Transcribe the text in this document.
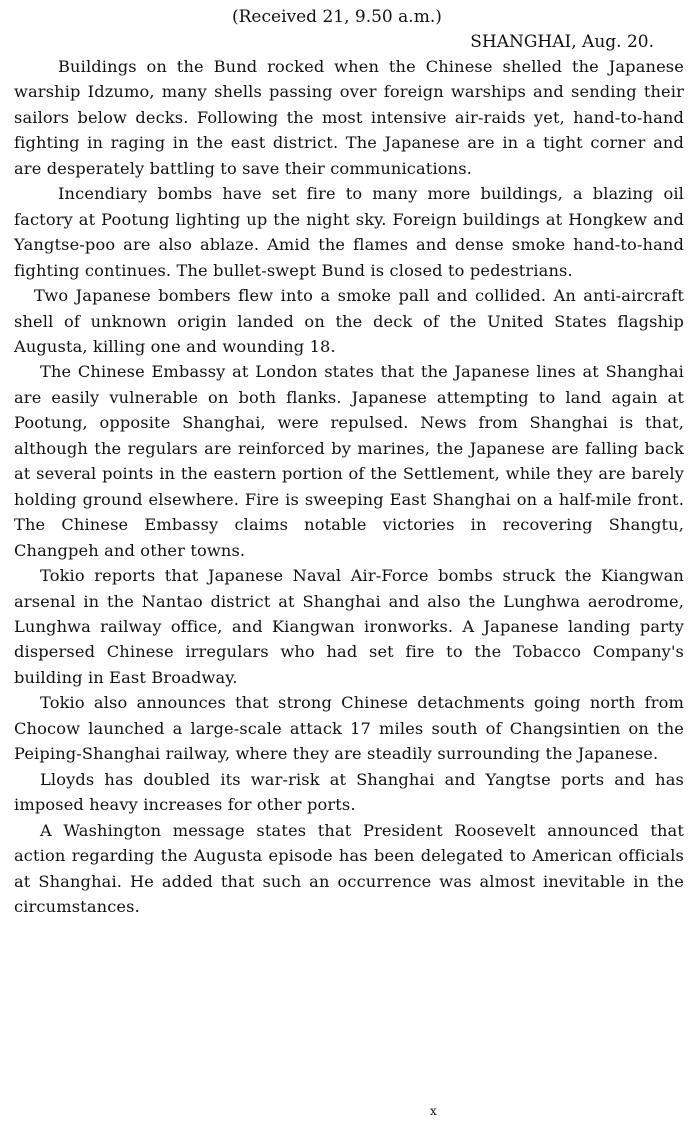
(Received 21, 9.50 a.m.)

SHANGHAI, Aug. 20.

Buildings on the Bund rocked when the Chinese shelled the Japanese warship Idzumo, many shells passing over foreign warships and sending their sailors below decks. Following the most intensive air-raids yet, hand-to-hand fighting in raging in the east district. The Japanese are in a tight corner and are desperately battling to save their communications.

Incendiary bombs have set fire to many more buildings, a blazing oil factory at Pootung lighting up the night sky. Foreign buildings at Hongkew and Yangtse-poo are also ablaze. Amid the flames and dense smoke hand-to-hand fighting continues. The bullet-swept Bund is closed to pedestrians.

Two Japanese bombers flew into a smoke pall and collided. An anti-aircraft shell of unknown origin landed on the deck of the United States flagship Augusta, killing one and wounding 18.

The Chinese Embassy at London states that the Japanese lines at Shanghai are easily vulnerable on both flanks. Japanese attempting to land again at Pootung, opposite Shanghai, were repulsed. News from Shanghai is that, although the regulars are reinforced by marines, the Japanese are falling back at several points in the eastern portion of the Settlement, while they are barely holding ground elsewhere. Fire is sweeping East Shanghai on a half-mile front. The Chinese Embassy claims notable victories in recovering Shangtu, Changpeh and other towns.

Tokio reports that Japanese Naval Air-Force bombs struck the Kiangwan arsenal in the Nantao district at Shanghai and also the Lunghwa aerodrome, Lunghwa railway office, and Kiangwan ironworks. A Japanese landing party dispersed Chinese irregulars who had set fire to the Tobacco Company's building in East Broadway.

Tokio also announces that strong Chinese detachments going north from Chocow launched a large-scale attack 17 miles south of Changsintien on the Peiping-Shanghai railway, where they are steadily surrounding the Japanese.

Lloyds has doubled its war-risk at Shanghai and Yangtse ports and has imposed heavy increases for other ports.

A Washington message states that President Roosevelt announced that action regarding the Augusta episode has been delegated to American officials at Shanghai. He added that such an occurrence was almost inevitable in the circumstances.

x
